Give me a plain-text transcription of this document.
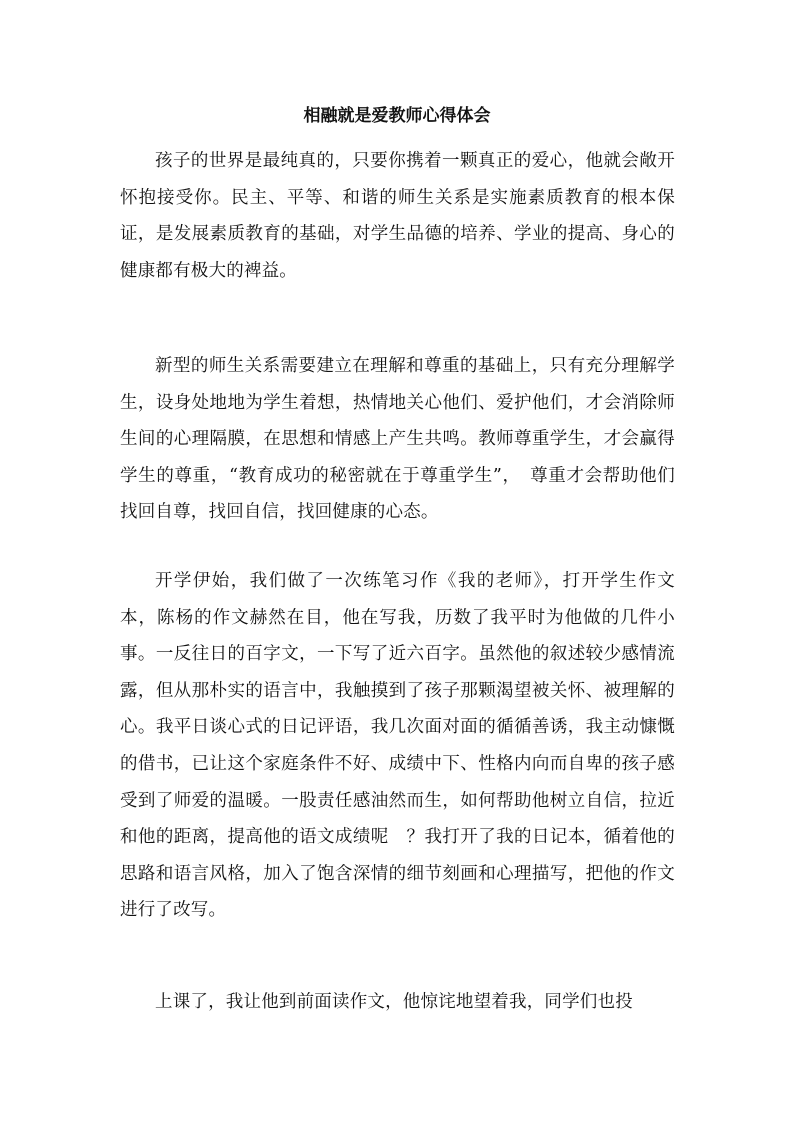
相融就是爱教师心得体会

孩子的世界是最纯真的，只要你携着一颗真正的爱心，他就会敞开怀抱接受你。民主、平等、和谐的师生关系是实施素质教育的根本保证，是发展素质教育的基础，对学生品德的培养、学业的提高、身心的健康都有极大的裨益。

新型的师生关系需要建立在理解和尊重的基础上，只有充分理解学生，设身处地地为学生着想，热情地关心他们、爱护他们，才会消除师生间的心理隔膜，在思想和情感上产生共鸣。教师尊重学生，才会赢得学生的尊重，“教育成功的秘密就在于尊重学生”，　尊重才会帮助他们找回自尊，找回自信，找回健康的心态。

开学伊始，我们做了一次练笔习作《我的老师》，打开学生作文本，陈杨的作文赫然在目，他在写我，历数了我平时为他做的几件小事。一反往日的百字文，一下写了近六百字。虽然他的叙述较少感情流露，但从那朴实的语言中，我触摸到了孩子那颗渴望被关怀、被理解的心。我平日谈心式的日记评语，我几次面对面的循循善诱，我主动慷慨的借书，已让这个家庭条件不好、成绩中下、性格内向而自卑的孩子感受到了师爱的温暖。一股责任感油然而生，如何帮助他树立自信，拉近和他的距离，提高他的语文成绩呢　？我打开了我的日记本，循着他的思路和语言风格，加入了饱含深情的细节刻画和心理描写，把他的作文进行了改写。

上课了，我让他到前面读作文，他惊诧地望着我，同学们也投
